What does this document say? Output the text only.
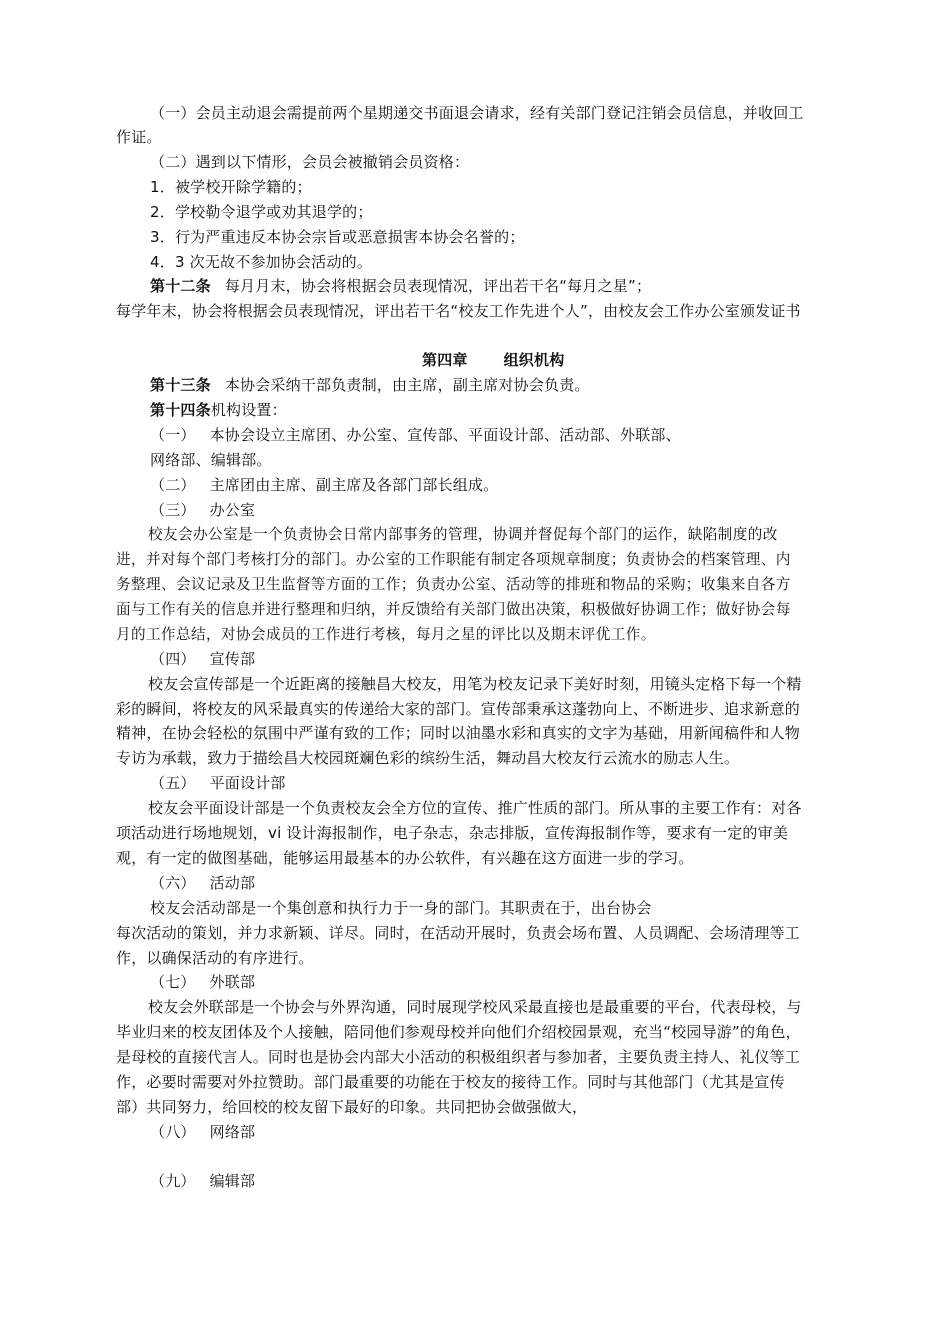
（一）会员主动退会需提前两个星期递交书面退会请求，经有关部门登记注销会员信息，并收回工
作证。
（二）遇到以下情形，会员会被撤销会员资格：
1．被学校开除学籍的；
2．学校勒令退学或劝其退学的；
3．行为严重违反本协会宗旨或恶意损害本协会名誉的；
4．3 次无故不参加协会活动的。
第十二条 每月月末，协会将根据会员表现情况，评出若干名“每月之星”；
每学年末，协会将根据会员表现情况，评出若干名“校友工作先进个人”，由校友会工作办公室颁发证书
第四章 组织机构
第十三条 本协会采纳干部负责制，由主席，副主席对协会负责。
第十四条机构设置：
（一） 本协会设立主席团、办公室、宣传部、平面设计部、活动部、外联部、
网络部、编辑部。
（二） 主席团由主席、副主席及各部门部长组成。
（三） 办公室
校友会办公室是一个负责协会日常内部事务的管理，协调并督促每个部门的运作，缺陷制度的改
进，并对每个部门考核打分的部门。办公室的工作职能有制定各项规章制度；负责协会的档案管理、内
务整理、会议记录及卫生监督等方面的工作；负责办公室、活动等的排班和物品的采购；收集来自各方
面与工作有关的信息并进行整理和归纳，并反馈给有关部门做出决策，积极做好协调工作；做好协会每
月的工作总结，对协会成员的工作进行考核，每月之星的评比以及期末评优工作。
（四） 宣传部
校友会宣传部是一个近距离的接触昌大校友，用笔为校友记录下美好时刻，用镜头定格下每一个精
彩的瞬间，将校友的风采最真实的传递给大家的部门。宣传部秉承这蓬勃向上、不断进步、追求新意的
精神，在协会轻松的氛围中严谨有致的工作；同时以油墨水彩和真实的文字为基础，用新闻稿件和人物
专访为承载，致力于描绘昌大校园斑斓色彩的缤纷生活，舞动昌大校友行云流水的励志人生。
（五） 平面设计部
校友会平面设计部是一个负责校友会全方位的宣传、推广性质的部门。所从事的主要工作有：对各
项活动进行场地规划，vi 设计海报制作，电子杂志，杂志排版，宣传海报制作等，要求有一定的审美
观，有一定的做图基础，能够运用最基本的办公软件，有兴趣在这方面进一步的学习。
（六） 活动部
校友会活动部是一个集创意和执行力于一身的部门。其职责在于，出台协会
每次活动的策划，并力求新颖、详尽。同时，在活动开展时，负责会场布置、人员调配、会场清理等工
作，以确保活动的有序进行。
（七） 外联部
校友会外联部是一个协会与外界沟通，同时展现学校风采最直接也是最重要的平台，代表母校，与
毕业归来的校友团体及个人接触，陪同他们参观母校并向他们介绍校园景观，充当“校园导游”的角色，
是母校的直接代言人。同时也是协会内部大小活动的积极组织者与参加者，主要负责主持人、礼仪等工
作，必要时需要对外拉赞助。部门最重要的功能在于校友的接待工作。同时与其他部门（尤其是宣传
部）共同努力，给回校的校友留下最好的印象。共同把协会做强做大，
（八） 网络部
（九） 编辑部
